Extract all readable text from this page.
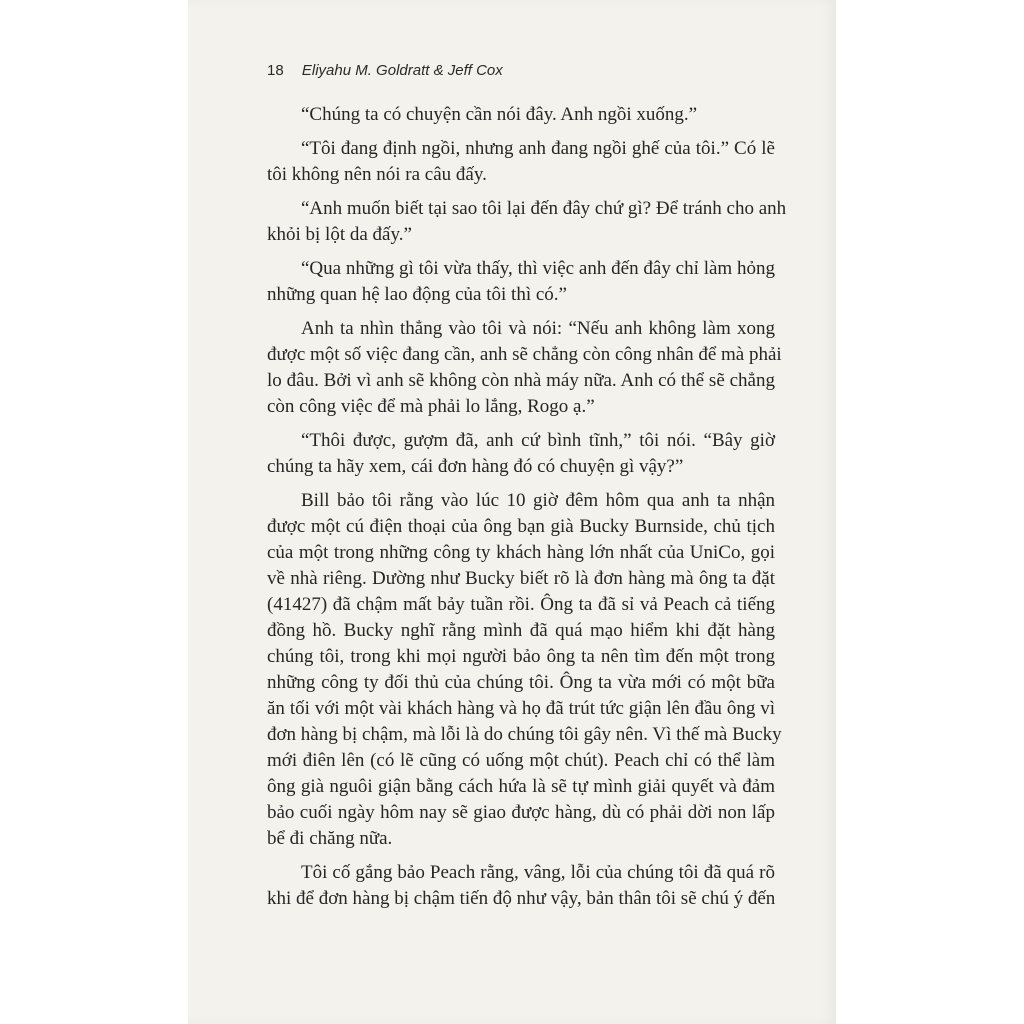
18 Eliyahu M. Goldratt & Jeff Cox
“Chúng ta có chuyện cần nói đây. Anh ngồi xuống.”
“Tôi đang định ngồi, nhưng anh đang ngồi ghế của tôi.” Có lẽ
tôi không nên nói ra câu đấy.
“Anh muốn biết tại sao tôi lại đến đây chứ gì? Để tránh cho anh
khỏi bị lột da đấy.”
“Qua những gì tôi vừa thấy, thì việc anh đến đây chỉ làm hỏng
những quan hệ lao động của tôi thì có.”
Anh ta nhìn thẳng vào tôi và nói: “Nếu anh không làm xong
được một số việc đang cần, anh sẽ chẳng còn công nhân để mà phải
lo đâu. Bởi vì anh sẽ không còn nhà máy nữa. Anh có thể sẽ chẳng
còn công việc để mà phải lo lắng, Rogo ạ.”
“Thôi được, gượm đã, anh cứ bình tĩnh,” tôi nói. “Bây giờ
chúng ta hãy xem, cái đơn hàng đó có chuyện gì vậy?”
Bill bảo tôi rằng vào lúc 10 giờ đêm hôm qua anh ta nhận
được một cú điện thoại của ông bạn già Bucky Burnside, chủ tịch
của một trong những công ty khách hàng lớn nhất của UniCo, gọi
về nhà riêng. Dường như Bucky biết rõ là đơn hàng mà ông ta đặt
(41427) đã chậm mất bảy tuần rồi. Ông ta đã sỉ vả Peach cả tiếng
đồng hồ. Bucky nghĩ rằng mình đã quá mạo hiểm khi đặt hàng
chúng tôi, trong khi mọi người bảo ông ta nên tìm đến một trong
những công ty đối thủ của chúng tôi. Ông ta vừa mới có một bữa
ăn tối với một vài khách hàng và họ đã trút tức giận lên đầu ông vì
đơn hàng bị chậm, mà lỗi là do chúng tôi gây nên. Vì thế mà Bucky
mới điên lên (có lẽ cũng có uống một chút). Peach chỉ có thể làm
ông già nguôi giận bằng cách hứa là sẽ tự mình giải quyết và đảm
bảo cuối ngày hôm nay sẽ giao được hàng, dù có phải dời non lấp
bể đi chăng nữa.
Tôi cố gắng bảo Peach rằng, vâng, lỗi của chúng tôi đã quá rõ
khi để đơn hàng bị chậm tiến độ như vậy, bản thân tôi sẽ chú ý đến
